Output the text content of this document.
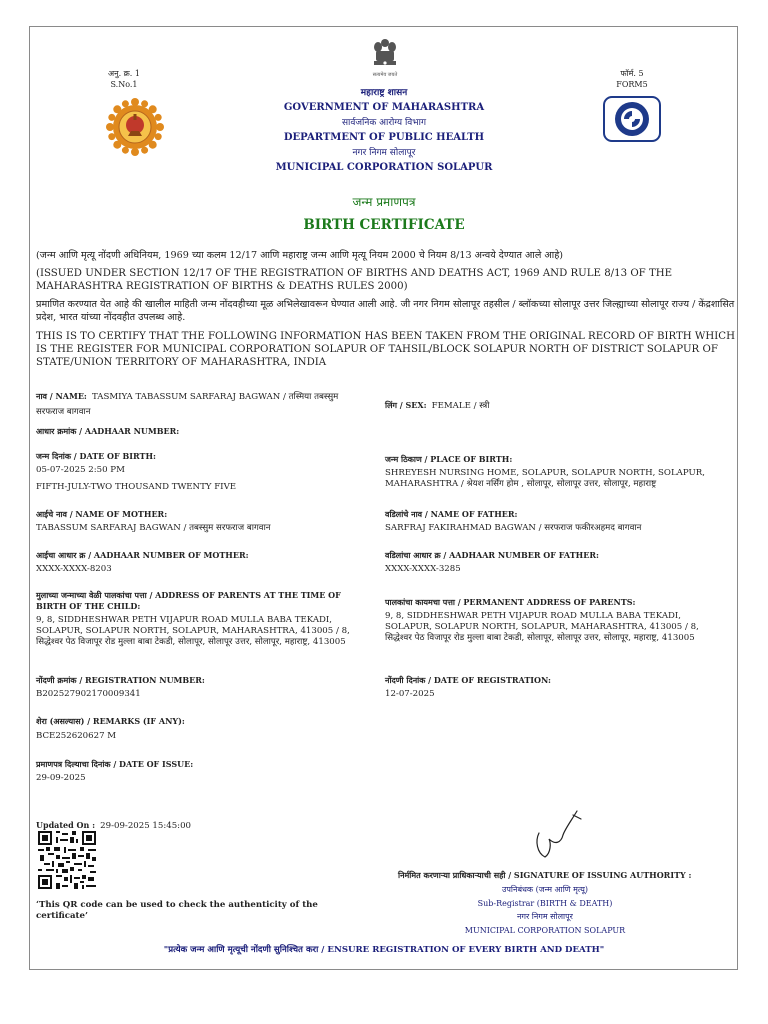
अनु. क्र. 1
S.No.1
फॉर्म. 5
FORM5
सत्यमेव जयते
महाराष्ट्र शासन
GOVERNMENT OF MAHARASHTRA
सार्वजनिक आरोग्य विभाग
DEPARTMENT OF PUBLIC HEALTH
नगर निगम सोलापूर
MUNICIPAL CORPORATION SOLAPUR
जन्म प्रमाणपत्र
BIRTH CERTIFICATE
(जन्म आणि मृत्यू नोंदणी अधिनियम, 1969 च्या कलम 12/17 आणि महाराष्ट्र जन्म आणि मृत्यू नियम 2000 चे नियम 8/13 अन्वये देण्यात आले आहे)
(ISSUED UNDER SECTION 12/17 OF THE REGISTRATION OF BIRTHS AND DEATHS ACT, 1969 AND RULE 8/13 OF THE MAHARASHTRA REGISTRATION OF BIRTHS & DEATHS RULES 2000)
प्रमाणित करण्यात येत आहे की खालील माहिती जन्म नोंदवहीच्या मूळ अभिलेखावरून घेण्यात आली आहे. जी नगर निगम सोलापूर तहसील / ब्लॉकच्या सोलापूर उत्तर जिल्ह्याच्या सोलापूर राज्य / केंद्रशासित प्रदेश, भारत यांच्या नोंदवहीत उपलब्ध आहे.
THIS IS TO CERTIFY THAT THE FOLLOWING INFORMATION HAS BEEN TAKEN FROM THE ORIGINAL RECORD OF BIRTH WHICH IS THE REGISTER FOR MUNICIPAL CORPORATION SOLAPUR OF TAHSIL/BLOCK SOLAPUR NORTH OF DISTRICT SOLAPUR OF STATE/UNION TERRITORY OF MAHARASHTRA, INDIA
नाव / NAME: TASMIYA TABASSUM SARFARAJ BAGWAN / तस्मिया तबस्सुम सरफराज बागवान
लिंग / SEX: FEMALE / स्त्री
आधार क्रमांक / AADHAAR NUMBER:
जन्म दिनांक / DATE OF BIRTH:
05-07-2025 2:50 PM
FIFTH-JULY-TWO THOUSAND TWENTY FIVE
जन्म ठिकाण / PLACE OF BIRTH:
SHREYESH NURSING HOME, SOLAPUR, SOLAPUR NORTH, SOLAPUR, MAHARASHTRA / श्रेयश नर्सिंग होम , सोलापूर, सोलापूर उत्तर, सोलापूर, महाराष्ट्र
आईचे नाव / NAME OF MOTHER:
TABASSUM SARFARAJ BAGWAN / तबस्सुम सरफराज बागवान
वडिलांचे नाव / NAME OF FATHER:
SARFRAJ FAKIRAHMAD BAGWAN / सरफराज फकीरअहमद बागवान
आईचा आधार क्र / AADHAAR NUMBER OF MOTHER:
XXXX-XXXX-8203
वडिलांचा आधार क्र / AADHAAR NUMBER OF FATHER:
XXXX-XXXX-3285
मुलाच्या जन्माच्या वेळी पालकांचा पत्ता / ADDRESS OF PARENTS AT THE TIME OF BIRTH OF THE CHILD:
9, 8, SIDDHESHWAR PETH VIJAPUR ROAD MULLA BABA TEKADI, SOLAPUR, SOLAPUR NORTH, SOLAPUR, MAHARASHTRA, 413005 / 8, सिद्धेश्वर पेठ विजापूर रोड मुल्ला बाबा टेकडी, सोलापूर, सोलापूर उत्तर, सोलापूर, महाराष्ट्र, 413005
पालकांचा कायमचा पत्ता / PERMANENT ADDRESS OF PARENTS:
9, 8, SIDDHESHWAR PETH VIJAPUR ROAD MULLA BABA TEKADI, SOLAPUR, SOLAPUR NORTH, SOLAPUR, MAHARASHTRA, 413005 / 8, सिद्धेश्वर पेठ विजापूर रोड मुल्ला बाबा टेकडी, सोलापूर, सोलापूर उत्तर, सोलापूर, महाराष्ट्र, 413005
नोंदणी क्रमांक / REGISTRATION NUMBER:
B202527902170009341
नोंदणी दिनांक / DATE OF REGISTRATION:
12-07-2025
शेरा (असल्यास) / REMARKS (IF ANY):
BCE252620627 M
प्रमाणपत्र दिल्याचा दिनांक / DATE OF ISSUE:
29-09-2025
Updated On : 29-09-2025 15:45:00
‘This QR code can be used to check the authenticity of the certificate’
निर्ममित करणाऱ्या प्राधिकाऱ्याची सही / SIGNATURE OF ISSUING AUTHORITY :
उपनिबंधक (जन्म आणि मृत्यू)
Sub-Registrar (BIRTH & DEATH)
नगर निगम सोलापूर
MUNICIPAL CORPORATION SOLAPUR
"प्रत्येक जन्म आणि मृत्यूची नोंदणी सुनिश्चित करा / ENSURE REGISTRATION OF EVERY BIRTH AND DEATH"
